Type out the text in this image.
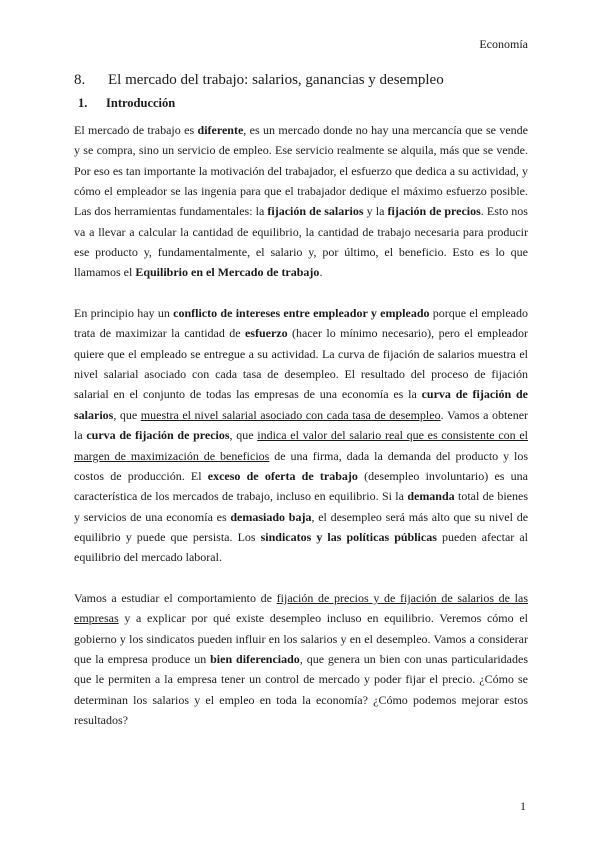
Economía
8. El mercado del trabajo: salarios, ganancias y desempleo
1. Introducción

El mercado de trabajo es diferente, es un mercado donde no hay una mercancía que se vende y se compra, sino un servicio de empleo. Ese servicio realmente se alquila, más que se vende. Por eso es tan importante la motivación del trabajador, el esfuerzo que dedica a su actividad, y cómo el empleador se las ingenia para que el trabajador dedique el máximo esfuerzo posible. Las dos herramientas fundamentales: la fijación de salarios y la fijación de precios. Esto nos va a llevar a calcular la cantidad de equilibrio, la cantidad de trabajo necesaria para producir ese producto y, fundamentalmente, el salario y, por último, el beneficio. Esto es lo que llamamos el Equilibrio en el Mercado de trabajo.

En principio hay un conflicto de intereses entre empleador y empleado porque el empleado trata de maximizar la cantidad de esfuerzo (hacer lo mínimo necesario), pero el empleador quiere que el empleado se entregue a su actividad. La curva de fijación de salarios muestra el nivel salarial asociado con cada tasa de desempleo. El resultado del proceso de fijación salarial en el conjunto de todas las empresas de una economía es la curva de fijación de salarios, que muestra el nivel salarial asociado con cada tasa de desempleo. Vamos a obtener la curva de fijación de precios, que indica el valor del salario real que es consistente con el margen de maximización de beneficios de una firma, dada la demanda del producto y los costos de producción. El exceso de oferta de trabajo (desempleo involuntario) es una característica de los mercados de trabajo, incluso en equilibrio. Si la demanda total de bienes y servicios de una economía es demasiado baja, el desempleo será más alto que su nivel de equilibrio y puede que persista. Los sindicatos y las políticas públicas pueden afectar al equilibrio del mercado laboral.

Vamos a estudiar el comportamiento de fijación de precios y de fijación de salarios de las empresas y a explicar por qué existe desempleo incluso en equilibrio. Veremos cómo el gobierno y los sindicatos pueden influir en los salarios y en el desempleo. Vamos a considerar que la empresa produce un bien diferenciado, que genera un bien con unas particularidades que le permiten a la empresa tener un control de mercado y poder fijar el precio. ¿Cómo se determinan los salarios y el empleo en toda la economía? ¿Cómo podemos mejorar estos resultados?

1
